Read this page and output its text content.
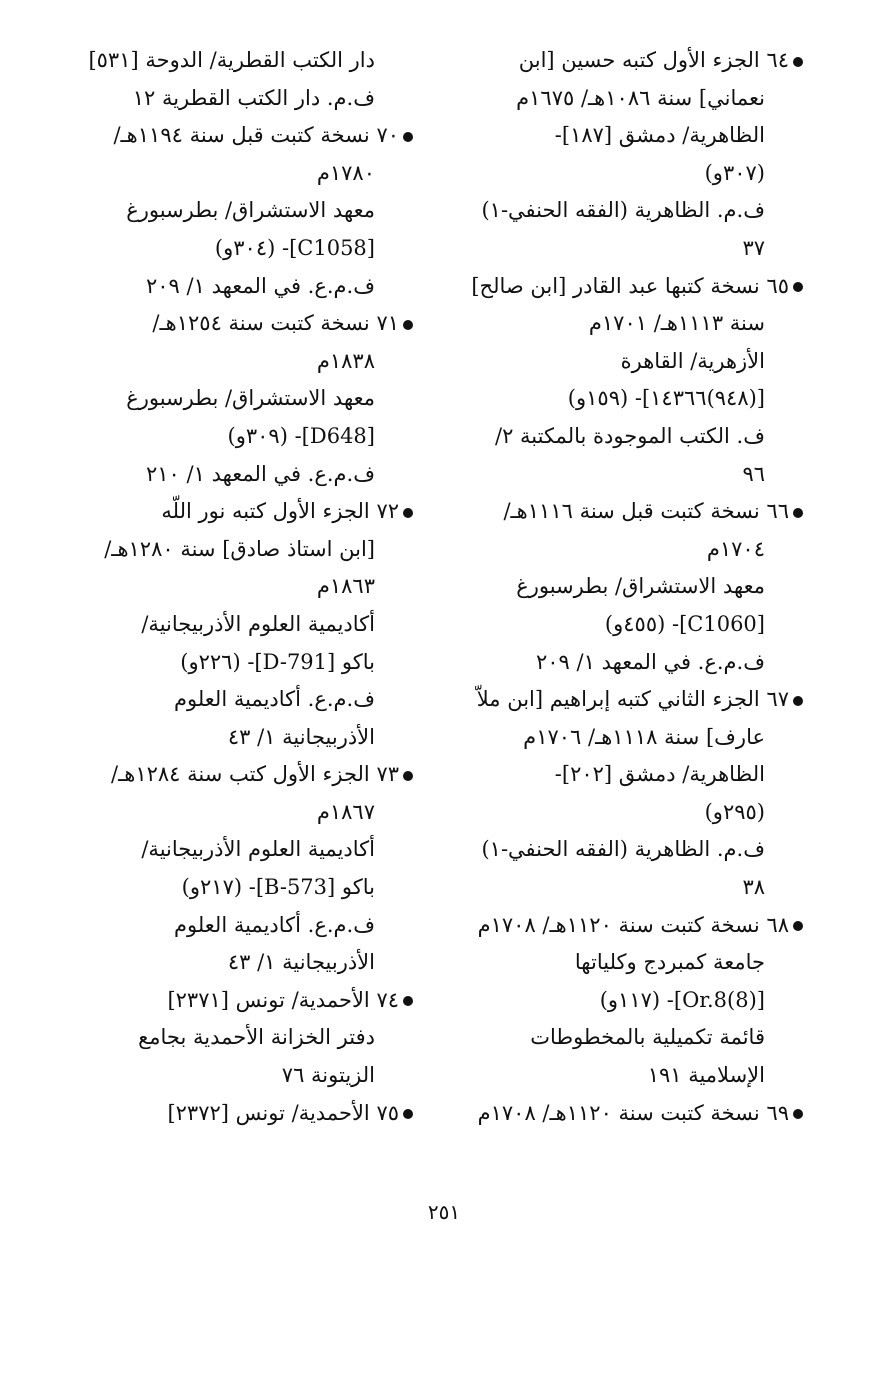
٦٤ الجزء الأول كتبه حسين [ابن
نعماني] سنة ١٠٨٦هـ/ ١٦٧٥م
الظاهرية/ دمشق [١٨٧]-
(٣٠٧و)
ف.م. الظاهرية (الفقه الحنفي-١)
٣٧
٦٥ نسخة كتبها عبد القادر [ابن صالح]
سنة ١١١٣هـ/ ١٧٠١م
الأزهرية/ القاهرة
[(٩٤٨)١٤٣٦٦]- (١٥٩و)
ف. الكتب الموجودة بالمكتبة ٢/
٩٦
٦٦ نسخة كتبت قبل سنة ١١١٦هـ/
١٧٠٤م
معهد الاستشراق/ بطرسبورغ
[C1060]- (٤٥٥و)
ف.م.ع. في المعهد ١/ ٢٠٩
٦٧ الجزء الثاني كتبه إبراهيم [ابن ملاّ
عارف] سنة ١١١٨هـ/ ١٧٠٦م
الظاهرية/ دمشق [٢٠٢]-
(٢٩٥و)
ف.م. الظاهرية (الفقه الحنفي-١)
٣٨
٦٨ نسخة كتبت سنة ١١٢٠هـ/ ١٧٠٨م
جامعة كمبردج وكلياتها
[Or.8(8)]- (١١٧و)
قائمة تكميلية بالمخطوطات
الإسلامية ١٩١
٦٩ نسخة كتبت سنة ١١٢٠هـ/ ١٧٠٨م
دار الكتب القطرية/ الدوحة [٥٣١]
ف.م. دار الكتب القطرية ١٢
٧٠ نسخة كتبت قبل سنة ١١٩٤هـ/
١٧٨٠م
معهد الاستشراق/ بطرسبورغ
[C1058]- (٣٠٤و)
ف.م.ع. في المعهد ١/ ٢٠٩
٧١ نسخة كتبت سنة ١٢٥٤هـ/
١٨٣٨م
معهد الاستشراق/ بطرسبورغ
[D648]- (٣٠٩و)
ف.م.ع. في المعهد ١/ ٢١٠
٧٢ الجزء الأول كتبه نور اللّه
[ابن استاذ صادق] سنة ١٢٨٠هـ/
١٨٦٣م
أكاديمية العلوم الأذربيجانية/
باكو [D-791]- (٢٢٦و)
ف.م.ع. أكاديمية العلوم
الأذربيجانية ١/ ٤٣
٧٣ الجزء الأول كتب سنة ١٢٨٤هـ/
١٨٦٧م
أكاديمية العلوم الأذربيجانية/
باكو [B-573]- (٢١٧و)
ف.م.ع. أكاديمية العلوم
الأذربيجانية ١/ ٤٣
٧٤ الأحمدية/ تونس [٢٣٧١]
دفتر الخزانة الأحمدية بجامع
الزيتونة ٧٦
٧٥ الأحمدية/ تونس [٢٣٧٢]
٢٥١
